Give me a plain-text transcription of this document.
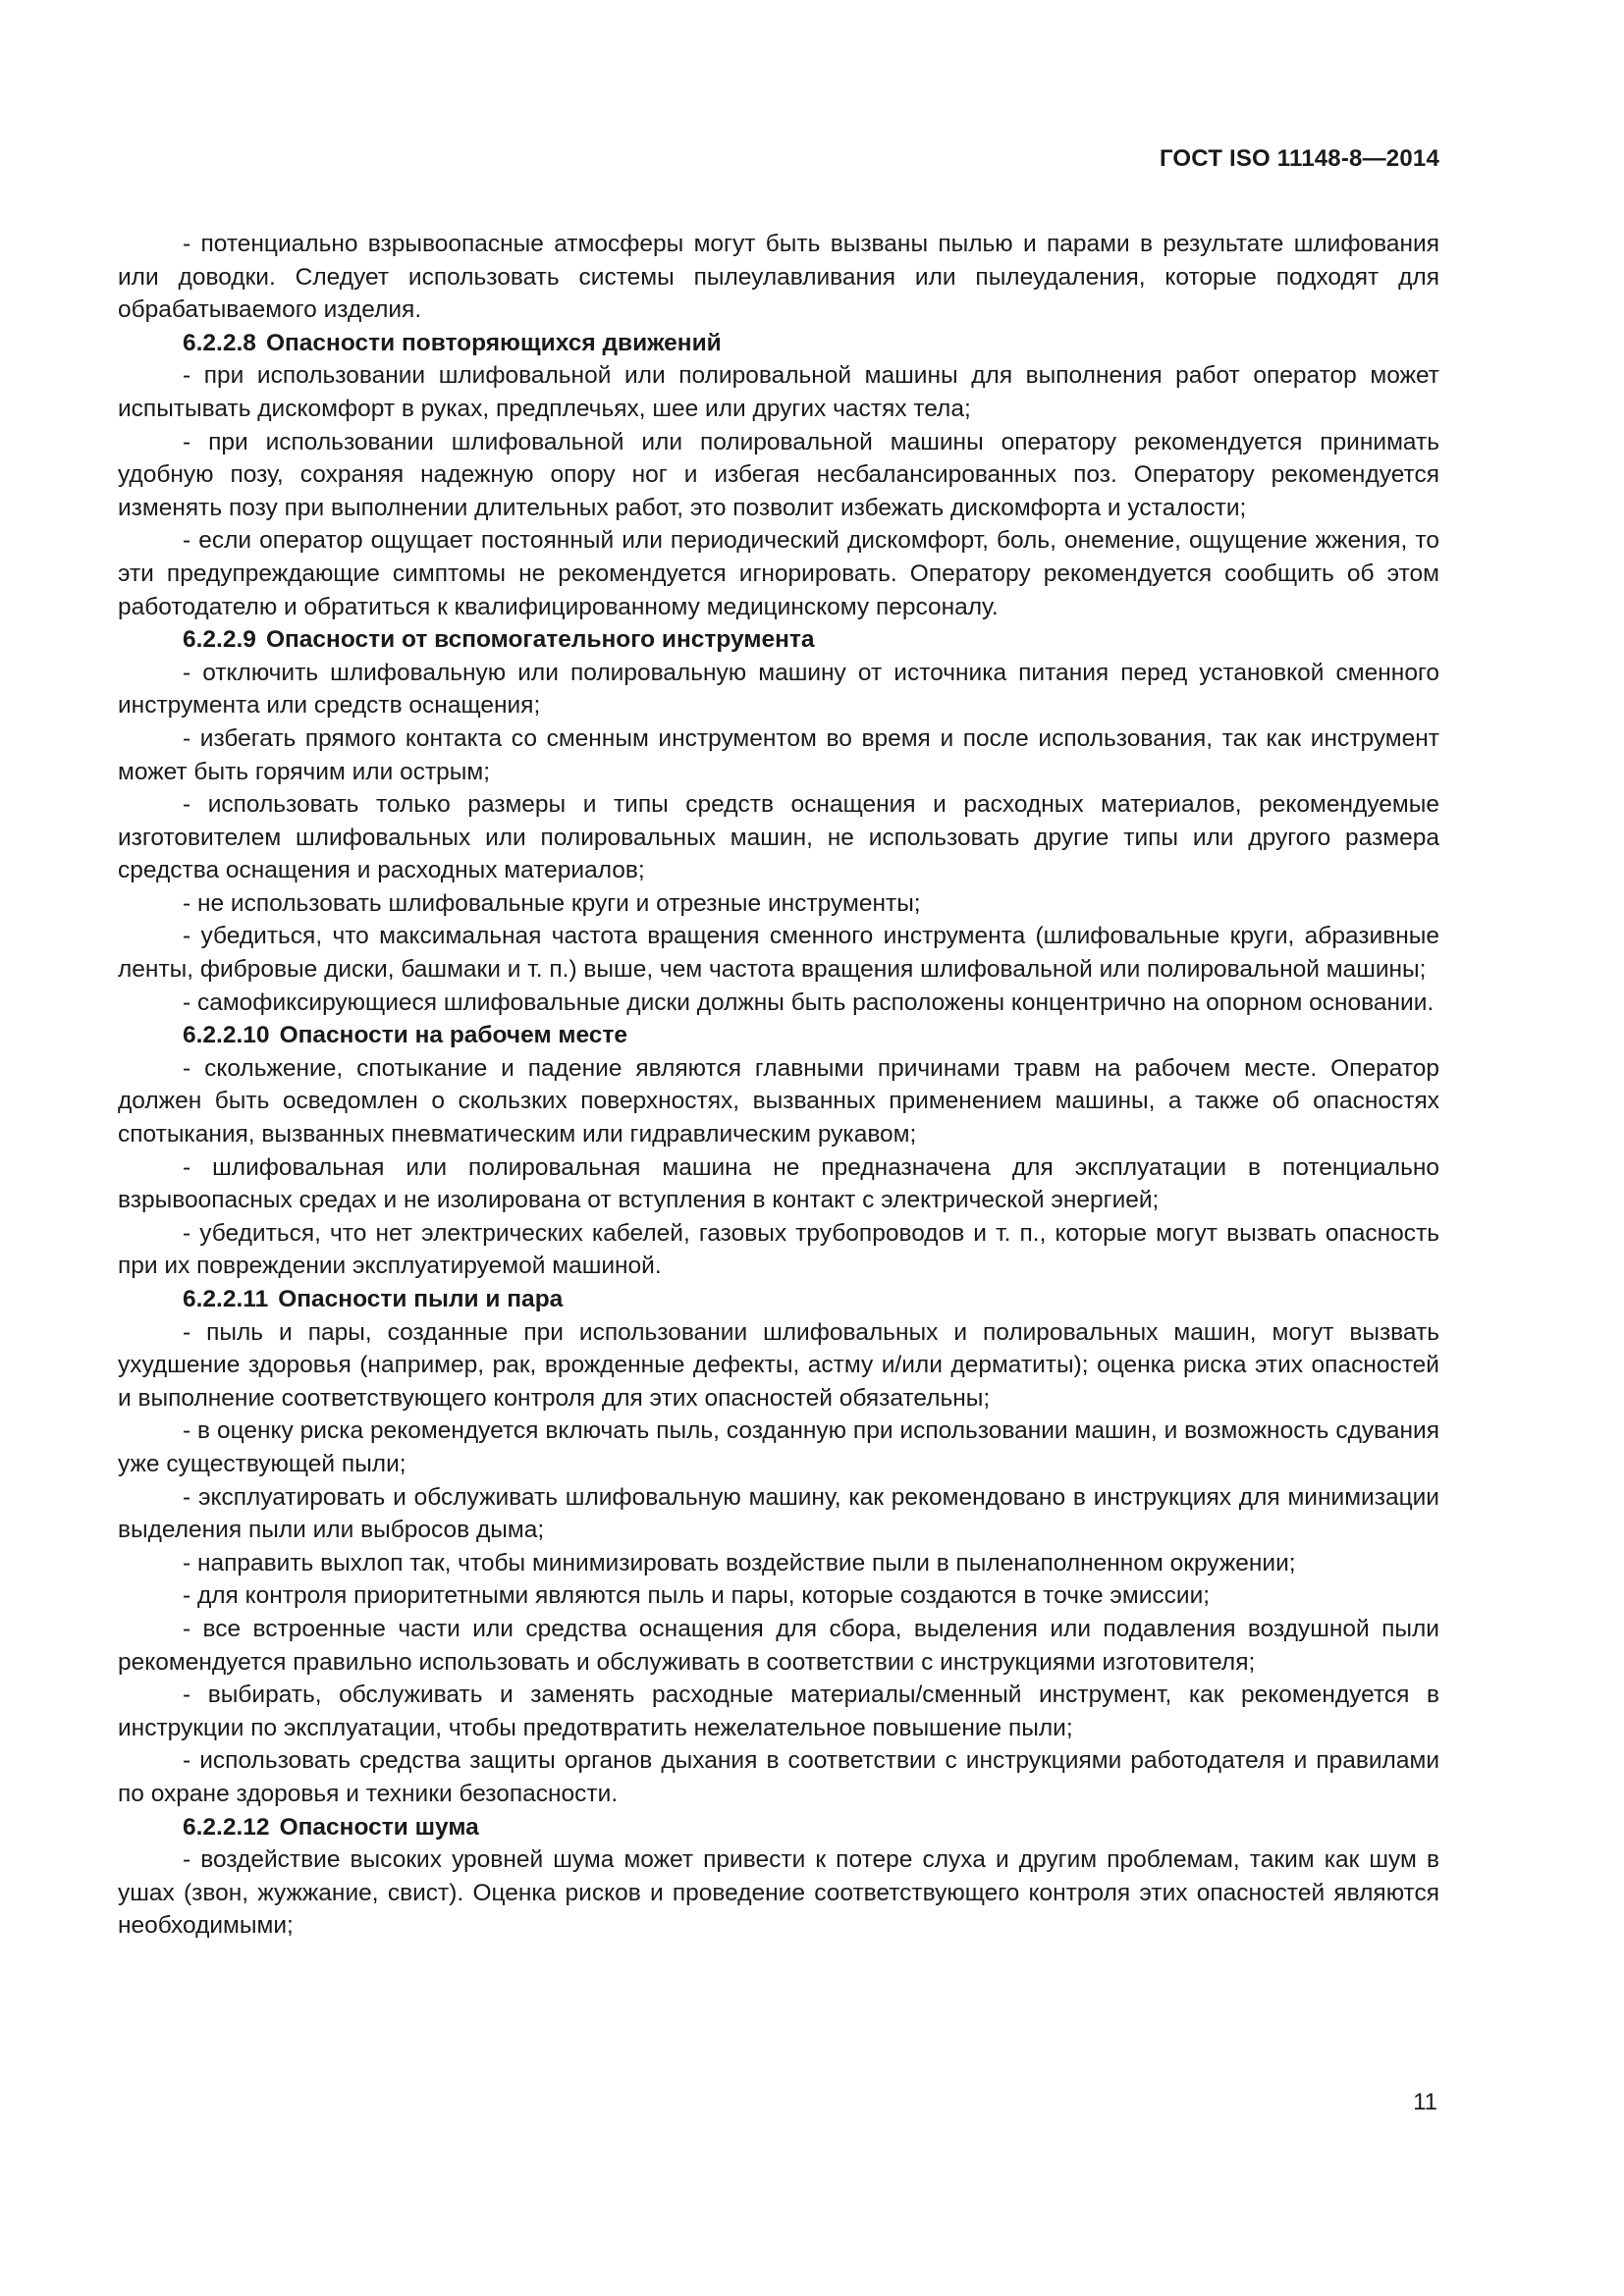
ГОСТ ISO 11148-8—2014

- потенциально взрывоопасные атмосферы могут быть вызваны пылью и парами в результате шлифования или доводки. Следует использовать системы пылеулавливания или пылеудаления, которые подходят для обрабатываемого изделия.

6.2.2.8 Опасности повторяющихся движений

- при использовании шлифовальной или полировальной машины для выполнения работ оператор может испытывать дискомфорт в руках, предплечьях, шее или других частях тела;

- при использовании шлифовальной или полировальной машины оператору рекомендуется принимать удобную позу, сохраняя надежную опору ног и избегая несбалансированных поз. Оператору рекомендуется изменять позу при выполнении длительных работ, это позволит избежать дискомфорта и усталости;

- если оператор ощущает постоянный или периодический дискомфорт, боль, онемение, ощущение жжения, то эти предупреждающие симптомы не рекомендуется игнорировать. Оператору рекомендуется сообщить об этом работодателю и обратиться к квалифицированному медицинскому персоналу.

6.2.2.9 Опасности от вспомогательного инструмента

- отключить шлифовальную или полировальную машину от источника питания перед установкой сменного инструмента или средств оснащения;

- избегать прямого контакта со сменным инструментом во время и после использования, так как инструмент может быть горячим или острым;

- использовать только размеры и типы средств оснащения и расходных материалов, рекомендуемые изготовителем шлифовальных или полировальных машин, не использовать другие типы или другого размера средства оснащения и расходных материалов;

- не использовать шлифовальные круги и отрезные инструменты;

- убедиться, что максимальная частота вращения сменного инструмента (шлифовальные круги, абразивные ленты, фибровые диски, башмаки и т. п.) выше, чем частота вращения шлифовальной или полировальной машины;

- самофиксирующиеся шлифовальные диски должны быть расположены концентрично на опорном основании.

6.2.2.10 Опасности на рабочем месте

- скольжение, спотыкание и падение являются главными причинами травм на рабочем месте. Оператор должен быть осведомлен о скользких поверхностях, вызванных применением машины, а также об опасностях спотыкания, вызванных пневматическим или гидравлическим рукавом;

- шлифовальная или полировальная машина не предназначена для эксплуатации в потенциально взрывоопасных средах и не изолирована от вступления в контакт с электрической энергией;

- убедиться, что нет электрических кабелей, газовых трубопроводов и т. п., которые могут вызвать опасность при их повреждении эксплуатируемой машиной.

6.2.2.11 Опасности пыли и пара

- пыль и пары, созданные при использовании шлифовальных и полировальных машин, могут вызвать ухудшение здоровья (например, рак, врожденные дефекты, астму и/или дерматиты); оценка риска этих опасностей и выполнение соответствующего контроля для этих опасностей обязательны;

- в оценку риска рекомендуется включать пыль, созданную при использовании машин, и возможность сдувания уже существующей пыли;

- эксплуатировать и обслуживать шлифовальную машину, как рекомендовано в инструкциях для минимизации выделения пыли или выбросов дыма;

- направить выхлоп так, чтобы минимизировать воздействие пыли в пыленаполненном окружении;

- для контроля приоритетными являются пыль и пары, которые создаются в точке эмиссии;

- все встроенные части или средства оснащения для сбора, выделения или подавления воздушной пыли рекомендуется правильно использовать и обслуживать в соответствии с инструкциями изготовителя;

- выбирать, обслуживать и заменять расходные материалы/сменный инструмент, как рекомендуется в инструкции по эксплуатации, чтобы предотвратить нежелательное повышение пыли;

- использовать средства защиты органов дыхания в соответствии с инструкциями работодателя и правилами по охране здоровья и техники безопасности.

6.2.2.12 Опасности шума

- воздействие высоких уровней шума может привести к потере слуха и другим проблемам, таким как шум в ушах (звон, жужжание, свист). Оценка рисков и проведение соответствующего контроля этих опасностей являются необходимыми;

11
